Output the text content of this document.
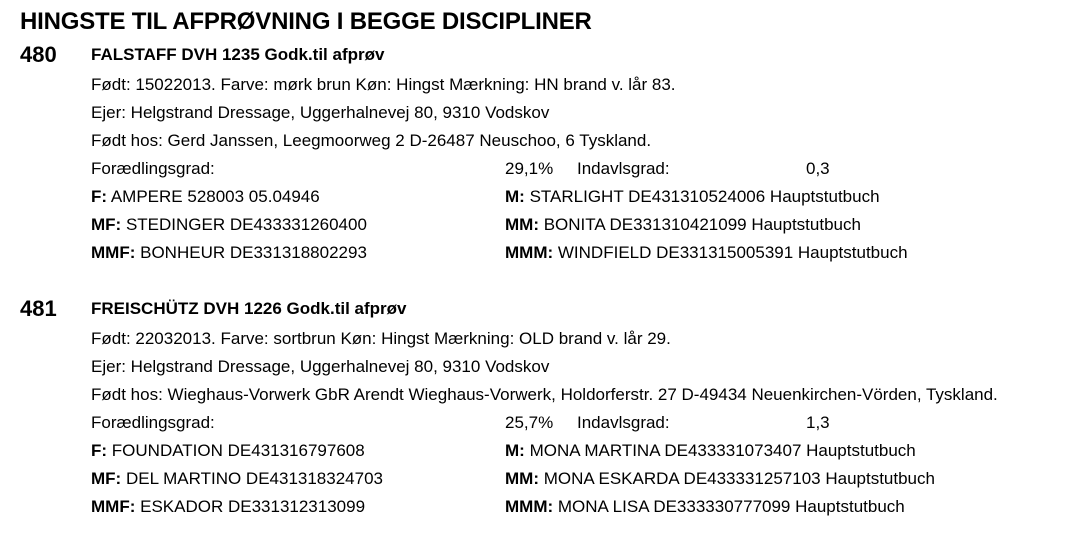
HINGSTE TIL AFPRØVNING I BEGGE DISCIPLINER
480 FALSTAFF DVH 1235 Godk.til afprøv
Født: 15022013. Farve: mørk brun Køn: Hingst Mærkning: HN brand v. lår 83.
Ejer: Helgstrand Dressage, Uggerhalnevej 80, 9310 Vodskov
Født hos: Gerd Janssen, Leegmoorweg 2 D-26487 Neuschoo, 6 Tyskland.
Forædlingsgrad:	29,1% Indavlsgrad:	0,3
F: AMPERE 528003 05.04946	M: STARLIGHT DE431310524006 Hauptstutbuch
MF: STEDINGER DE433331260400	MM: BONITA DE331310421099 Hauptstutbuch
MMF: BONHEUR DE331318802293	MMM: WINDFIELD DE331315005391 Hauptstutbuch
481 FREISCHÜTZ DVH 1226 Godk.til afprøv
Født: 22032013. Farve: sortbrun Køn: Hingst Mærkning: OLD brand v. lår 29.
Ejer: Helgstrand Dressage, Uggerhalnevej 80, 9310 Vodskov
Født hos: Wieghaus-Vorwerk GbR Arendt Wieghaus-Vorwerk, Holdorferstr. 27 D-49434 Neuenkirchen-Vörden, Tyskland.
Forædlingsgrad:	25,7% Indavlsgrad:	1,3
F: FOUNDATION DE431316797608	M: MONA MARTINA DE433331073407 Hauptstutbuch
MF: DEL MARTINO DE431318324703	MM: MONA ESKARDA DE433331257103 Hauptstutbuch
MMF: ESKADOR DE331312313099	MMM: MONA LISA DE333330777099 Hauptstutbuch
